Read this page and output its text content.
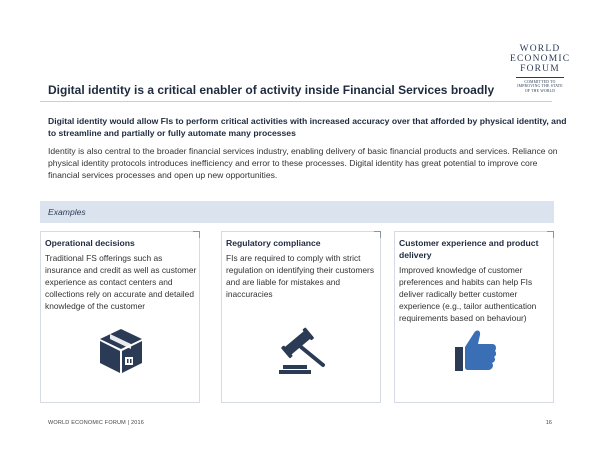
WORLD
ECONOMIC
FORUM
COMMITTED TO
IMPROVING THE STATE
OF THE WORLD
Digital identity is a critical enabler of activity inside Financial Services broadly
Digital identity would allow FIs to perform critical activities with increased accuracy over that afforded by physical identity, and to streamline and partially or fully automate many processes
Identity is also central to the broader financial services industry, enabling delivery of basic financial products and services. Reliance on physical identity protocols introduces inefficiency and error to these processes. Digital identity has great potential to improve core financial services processes and open up new opportunities.
Examples
Operational decisions

Traditional FS offerings such as insurance and credit as well as customer experience as contact centers and collections rely on accurate and detailed knowledge of the customer

Regulatory compliance

FIs are required to comply with strict regulation on identifying their customers and are liable for mistakes and inaccuracies

Customer experience and product delivery

Improved knowledge of customer preferences and habits can help FIs deliver radically better customer experience (e.g., tailor authentication requirements based on behaviour)

WORLD ECONOMIC FORUM | 2016	16
